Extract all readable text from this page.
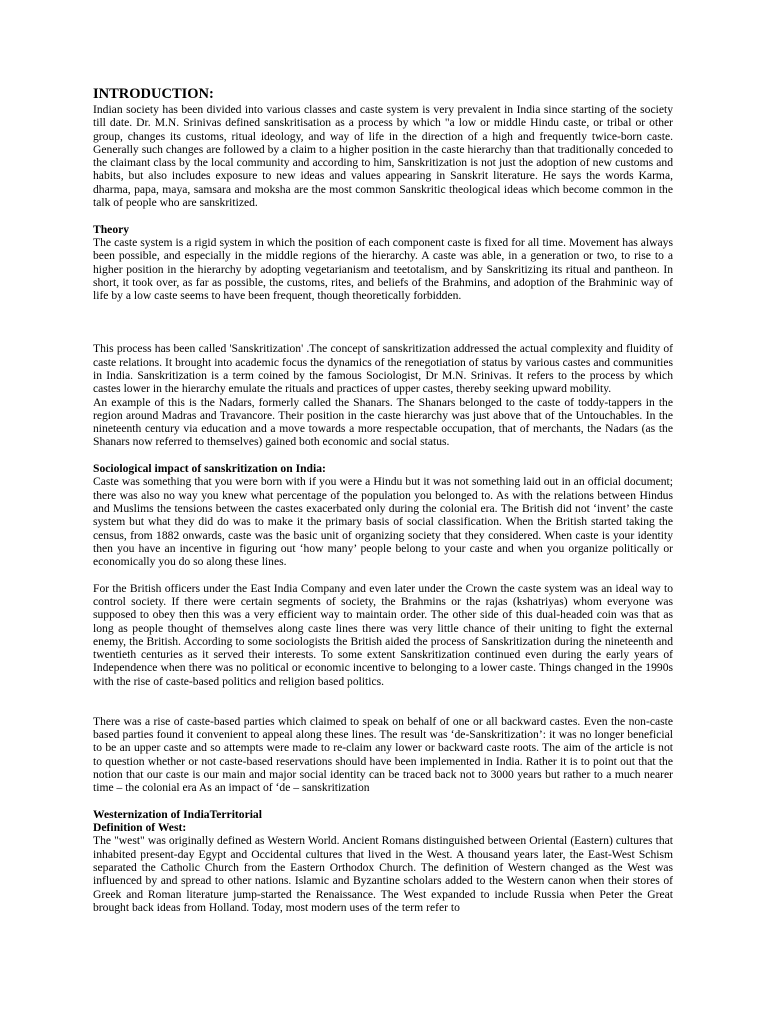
INTRODUCTION:

Indian society has been divided into various classes and caste system is very prevalent in India since starting of the society till date. Dr. M.N. Srinivas defined sanskritisation as a process by which "a low or middle Hindu caste, or tribal or other group, changes its customs, ritual ideology, and way of life in the direction of a high and frequently twice-born caste. Generally such changes are followed by a claim to a higher position in the caste hierarchy than that traditionally conceded to the claimant class by the local community and according to him, Sanskritization is not just the adoption of new customs and habits, but also includes exposure to new ideas and values appearing in Sanskrit literature. He says the words Karma, dharma, papa, maya, samsara and moksha are the most common Sanskritic theological ideas which become common in the talk of people who are sanskritized.

Theory

The caste system is a rigid system in which the position of each component caste is fixed for all time. Movement has always been possible, and especially in the middle regions of the hierarchy. A caste was able, in a generation or two, to rise to a higher position in the hierarchy by adopting vegetarianism and teetotalism, and by Sanskritizing its ritual and pantheon. In short, it took over, as far as possible, the customs, rites, and beliefs of the Brahmins, and adoption of the Brahminic way of life by a low caste seems to have been frequent, though theoretically forbidden.

This process has been called 'Sanskritization' .The concept of sanskritization addressed the actual complexity and fluidity of caste relations. It brought into academic focus the dynamics of the renegotiation of status by various castes and communities in India. Sanskritization is a term coined by the famous Sociologist, Dr M.N. Srinivas. It refers to the process by which castes lower in the hierarchy emulate the rituals and practices of upper castes, thereby seeking upward mobility.

An example of this is the Nadars, formerly called the Shanars. The Shanars belonged to the caste of toddy-tappers in the region around Madras and Travancore. Their position in the caste hierarchy was just above that of the Untouchables. In the nineteenth century via education and a move towards a more respectable occupation, that of merchants, the Nadars (as the Shanars now referred to themselves) gained both economic and social status.

Sociological impact of sanskritization on India:

Caste was something that you were born with if you were a Hindu but it was not something laid out in an official document; there was also no way you knew what percentage of the population you belonged to. As with the relations between Hindus and Muslims the tensions between the castes exacerbated only during the colonial era. The British did not ‘invent’ the caste system but what they did do was to make it the primary basis of social classification. When the British started taking the census, from 1882 onwards, caste was the basic unit of organizing society that they considered. When caste is your identity then you have an incentive in figuring out ‘how many’ people belong to your caste and when you organize politically or economically you do so along these lines.

For the British officers under the East India Company and even later under the Crown the caste system was an ideal way to control society. If there were certain segments of society, the Brahmins or the rajas (kshatriyas) whom everyone was supposed to obey then this was a very efficient way to maintain order. The other side of this dual-headed coin was that as long as people thought of themselves along caste lines there was very little chance of their uniting to fight the external enemy, the British. According to some sociologists the British aided the process of Sanskritization during the nineteenth and twentieth centuries as it served their interests. To some extent Sanskritization continued even during the early years of Independence when there was no political or economic incentive to belonging to a lower caste. Things changed in the 1990s with the rise of caste-based politics and religion based politics.

There was a rise of caste-based parties which claimed to speak on behalf of one or all backward castes. Even the non-caste based parties found it convenient to appeal along these lines. The result was ‘de-Sanskritization’: it was no longer beneficial to be an upper caste and so attempts were made to re-claim any lower or backward caste roots. The aim of the article is not to question whether or not caste-based reservations should have been implemented in India. Rather it is to point out that the notion that our caste is our main and major social identity can be traced back not to 3000 years but rather to a much nearer time – the colonial era As an impact of ‘de – sanskritization

Westernization of IndiaTerritorial
Definition of West:

The "west" was originally defined as Western World. Ancient Romans distinguished between Oriental (Eastern) cultures that inhabited present-day Egypt and Occidental cultures that lived in the West. A thousand years later, the East-West Schism separated the Catholic Church from the Eastern Orthodox Church. The definition of Western changed as the West was influenced by and spread to other nations. Islamic and Byzantine scholars added to the Western canon when their stores of Greek and Roman literature jump-started the Renaissance. The West expanded to include Russia when Peter the Great brought back ideas from Holland. Today, most modern uses of the term refer to
